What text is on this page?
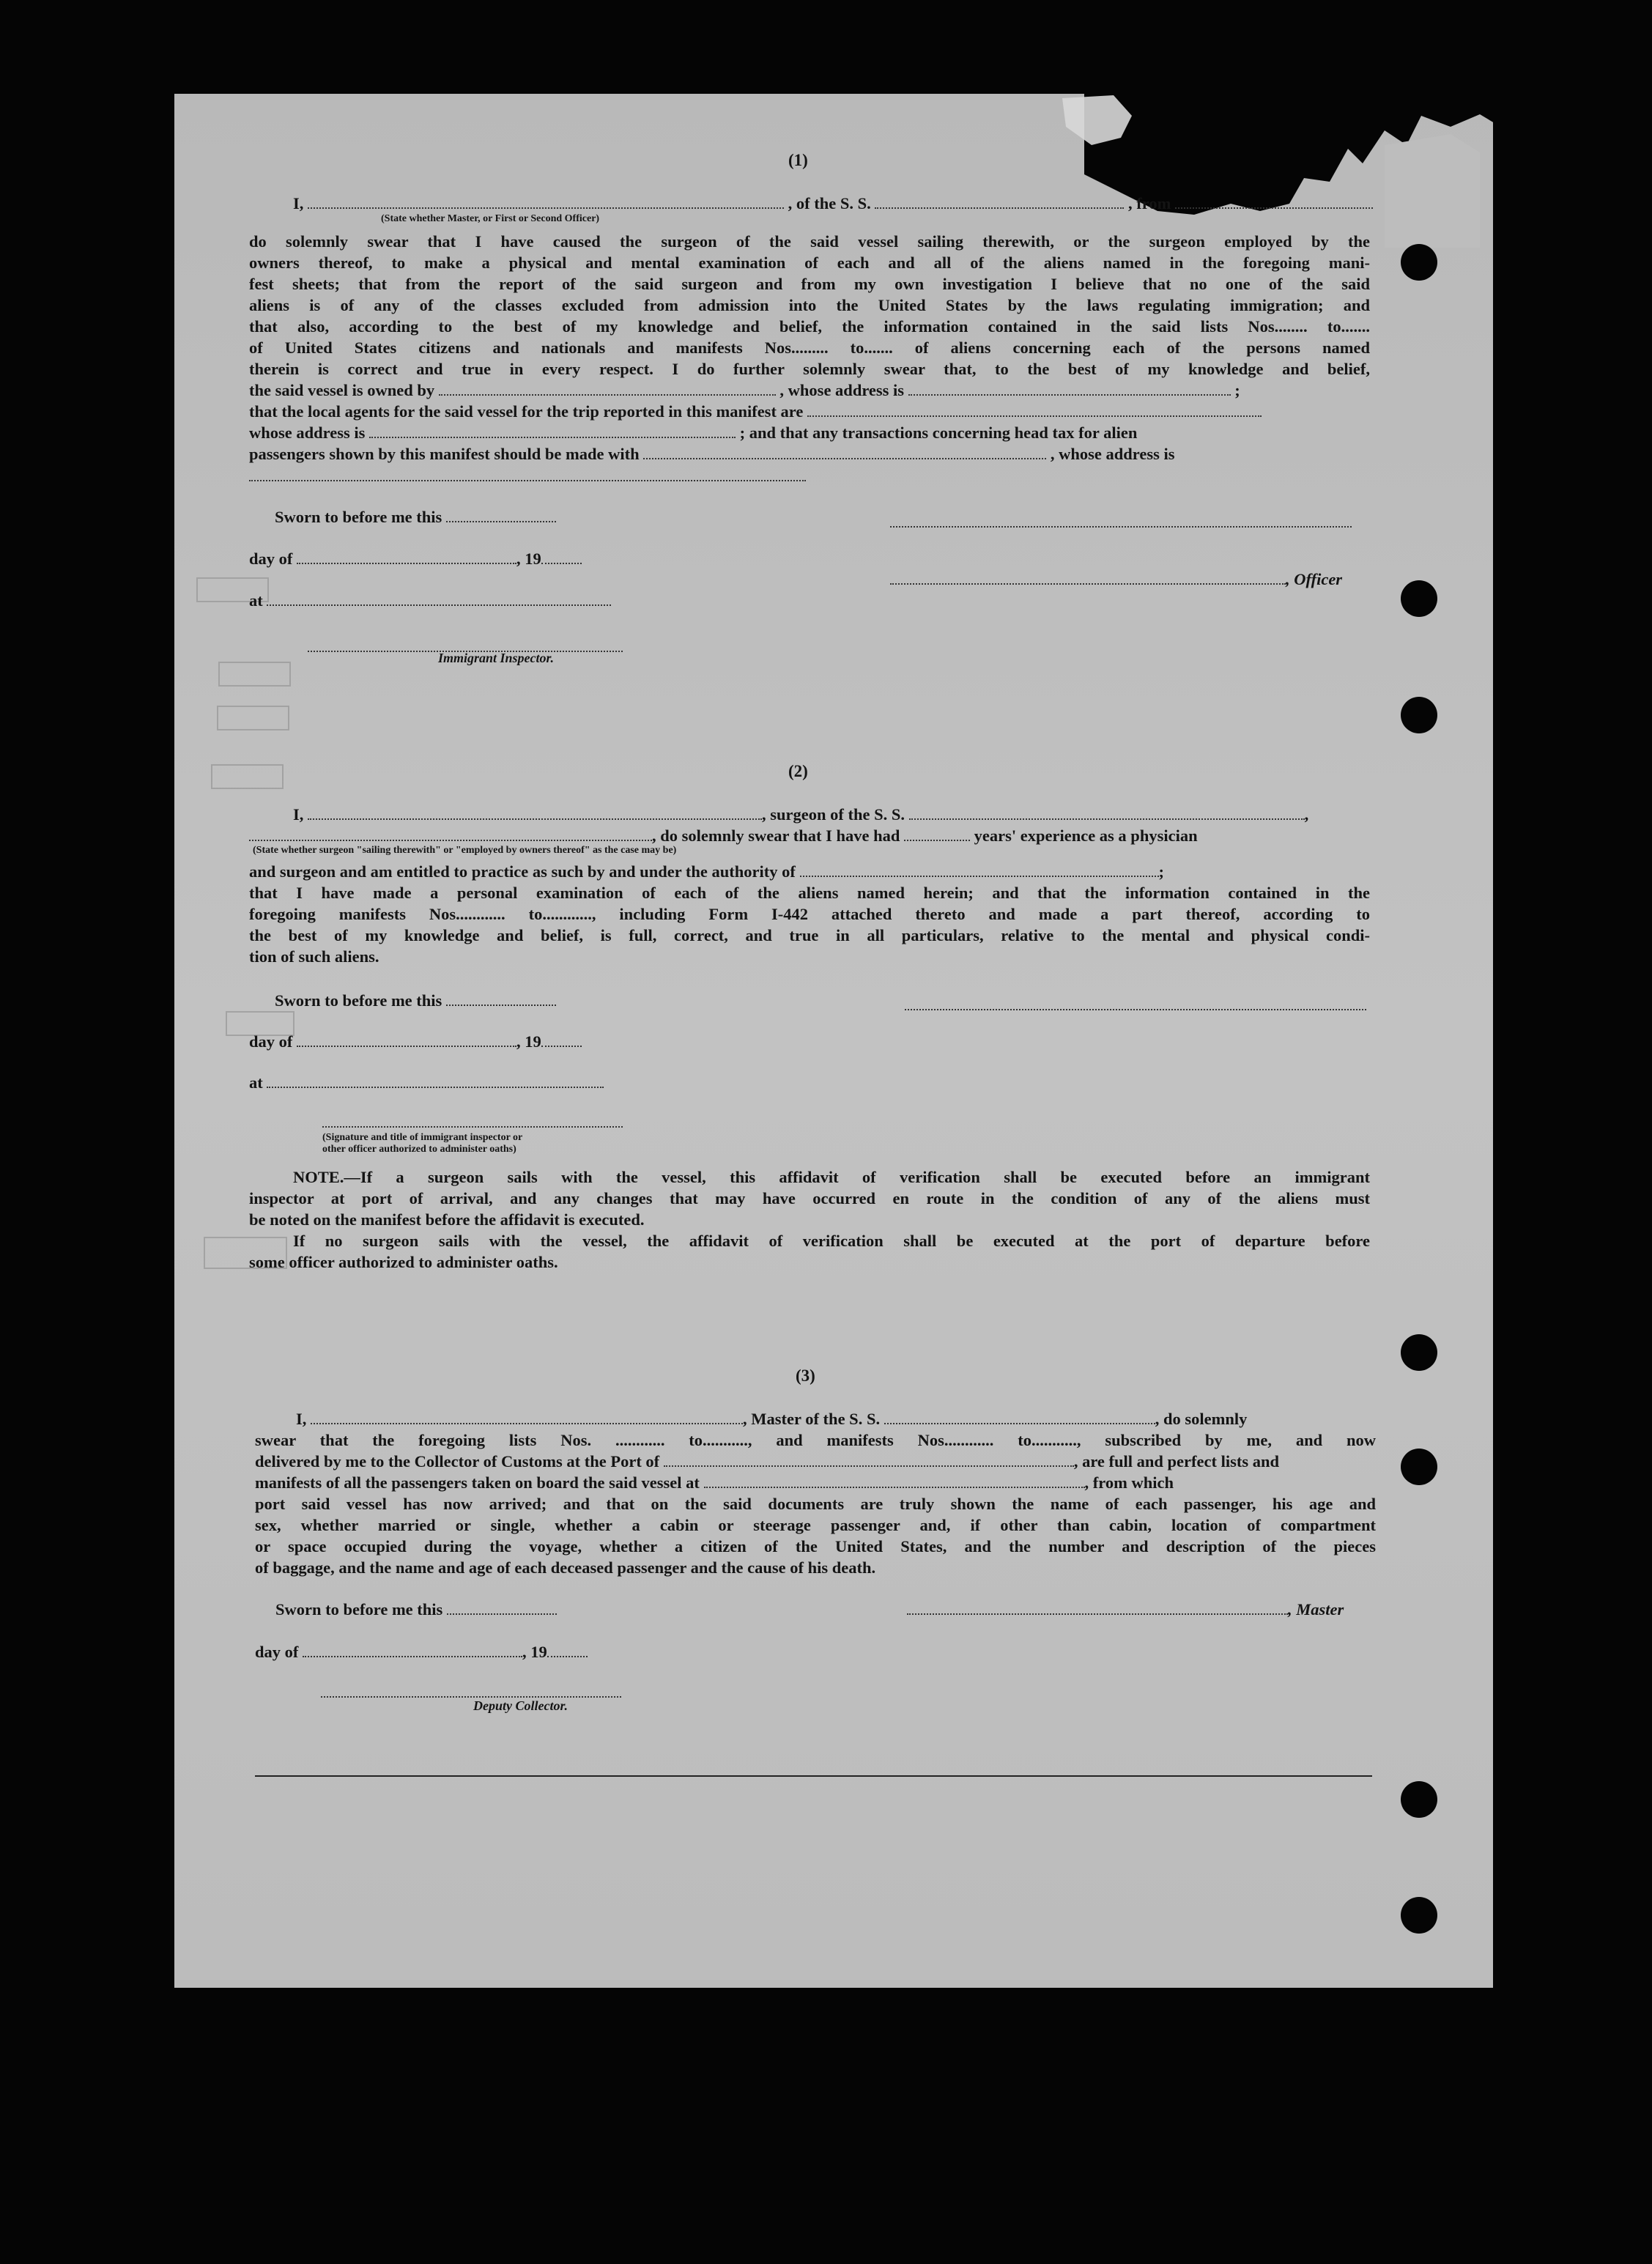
(1)
I,	, of the S. S.	, from
(State whether Master, or First or Second Officer)
do solemnly swear that I have caused the surgeon of the said vessel sailing therewith, or the surgeon employed by the
owners thereof, to make a physical and mental examination of each and all of the aliens named in the foregoing mani-
fest sheets; that from the report of the said surgeon and from my own investigation I believe that no one of the said
aliens is of any of the classes excluded from admission into the United States by the laws regulating immigration; and
that also, according to the best of my knowledge and belief, the information contained in the said lists Nos........ to.......
of United States citizens and nationals and manifests Nos......... to....... of aliens concerning each of the persons named
therein is correct and true in every respect. I do further solemnly swear that, to the best of my knowledge and belief,
the said vessel is owned by	, whose address is	;
that the local agents for the said vessel for the trip reported in this manifest are
whose address is	; and that any transactions concerning head tax for alien
passengers shown by this manifest should be made with	, whose address is
Sworn to before me this
day of	, 19
, Officer
at
Immigrant Inspector.
(2)
I,	, surgeon of the S. S.	,
, do solemnly swear that I have had	years' experience as a physician
(State whether surgeon "sailing therewith" or "employed by owners thereof" as the case may be)
and surgeon and am entitled to practice as such by and under the authority of	;
that I have made a personal examination of each of the aliens named herein; and that the information contained in the
foregoing manifests Nos............ to............, including Form I-442 attached thereto and made a part thereof, according to
the best of my knowledge and belief, is full, correct, and true in all particulars, relative to the mental and physical condi-
tion of such aliens.
Sworn to before me this
day of	, 19
at
(Signature and title of immigrant inspector or
other officer authorized to administer oaths)
NOTE.—If a surgeon sails with the vessel, this affidavit of verification shall be executed before an immigrant
inspector at port of arrival, and any changes that may have occurred en route in the condition of any of the aliens must
be noted on the manifest before the affidavit is executed.
If no surgeon sails with the vessel, the affidavit of verification shall be executed at the port of departure before
some officer authorized to administer oaths.
(3)
I,	, Master of the S. S.	, do solemnly
swear that the foregoing lists Nos. ............ to..........., and manifests Nos............ to..........., subscribed by me, and now
delivered by me to the Collector of Customs at the Port of	, are full and perfect lists and
manifests of all the passengers taken on board the said vessel at	, from which
port said vessel has now arrived; and that on the said documents are truly shown the name of each passenger, his age and
sex, whether married or single, whether a cabin or steerage passenger and, if other than cabin, location of compartment
or space occupied during the voyage, whether a citizen of the United States, and the number and description of the pieces
of baggage, and the name and age of each deceased passenger and the cause of his death.
Sworn to before me this	, Master
day of	, 19
Deputy Collector.
